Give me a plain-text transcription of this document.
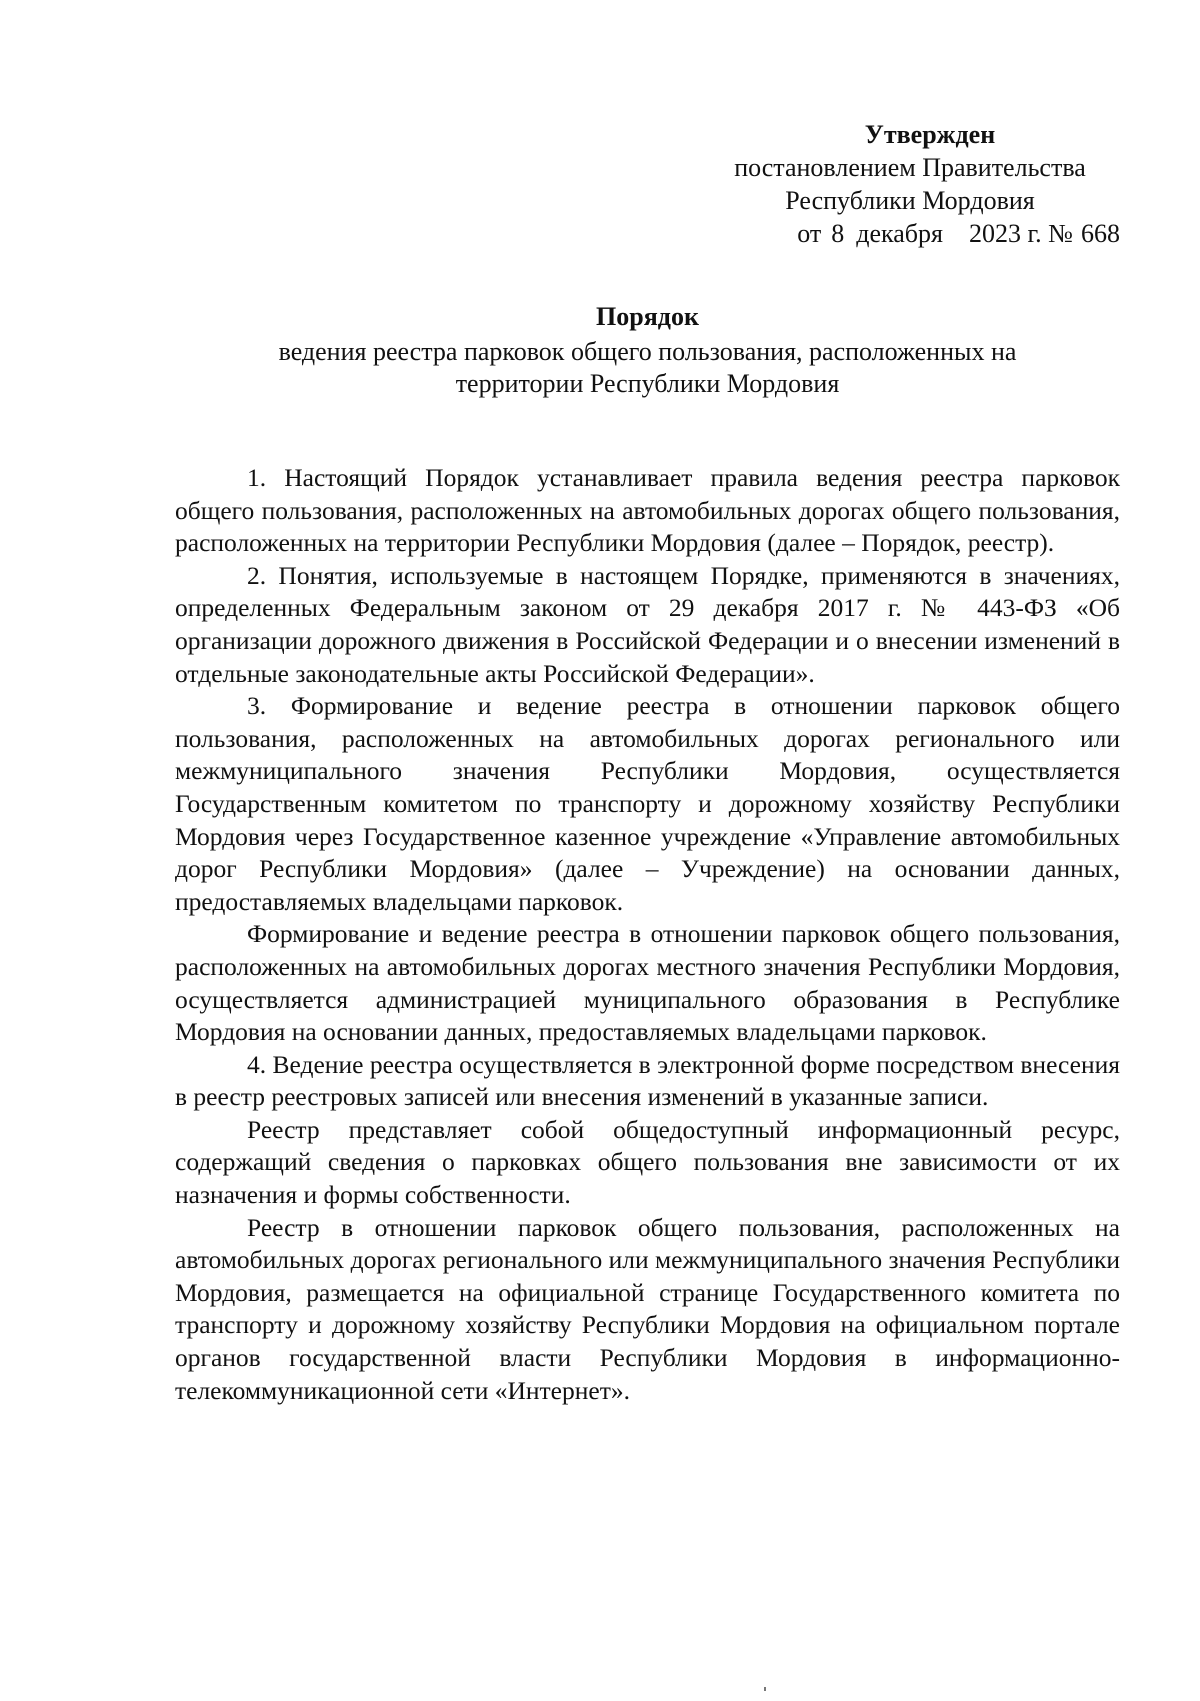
Утвержден
постановлением Правительства
Республики Мордовия
от 8 декабря 2023 г. № 668
Порядок
ведения реестра парковок общего пользования, расположенных на
территории Республики Мордовия

1. Настоящий Порядок устанавливает правила ведения реестра парковок общего пользования, расположенных на автомобильных дорогах общего пользования, расположенных на территории Республики Мордовия (далее – Порядок, реестр).

2. Понятия, используемые в настоящем Порядке, применяются в значениях, определенных Федеральным законом от 29 декабря 2017 г. № 443-ФЗ «Об организации дорожного движения в Российской Федерации и о внесении изменений в отдельные законодательные акты Российской Федерации».

3. Формирование и ведение реестра в отношении парковок общего пользования, расположенных на автомобильных дорогах регионального или межмуниципального значения Республики Мордовия, осуществляется Государственным комитетом по транспорту и дорожному хозяйству Республики Мордовия через Государственное казенное учреждение «Управление автомобильных дорог Республики Мордовия» (далее – Учреждение) на основании данных, предоставляемых владельцами парковок.

Формирование и ведение реестра в отношении парковок общего пользования, расположенных на автомобильных дорогах местного значения Республики Мордовия, осуществляется администрацией муниципального образования в Республике Мордовия на основании данных, предоставляемых владельцами парковок.

4. Ведение реестра осуществляется в электронной форме посредством внесения в реестр реестровых записей или внесения изменений в указанные записи.

Реестр представляет собой общедоступный информационный ресурс, содержащий сведения о парковках общего пользования вне зависимости от их назначения и формы собственности.

Реестр в отношении парковок общего пользования, расположенных на автомобильных дорогах регионального или межмуниципального значения Республики Мордовия, размещается на официальной странице Государственного комитета по транспорту и дорожному хозяйству Республики Мордовия на официальном портале органов государственной власти Республики Мордовия в информационно-телекоммуникационной сети «Интернет».
